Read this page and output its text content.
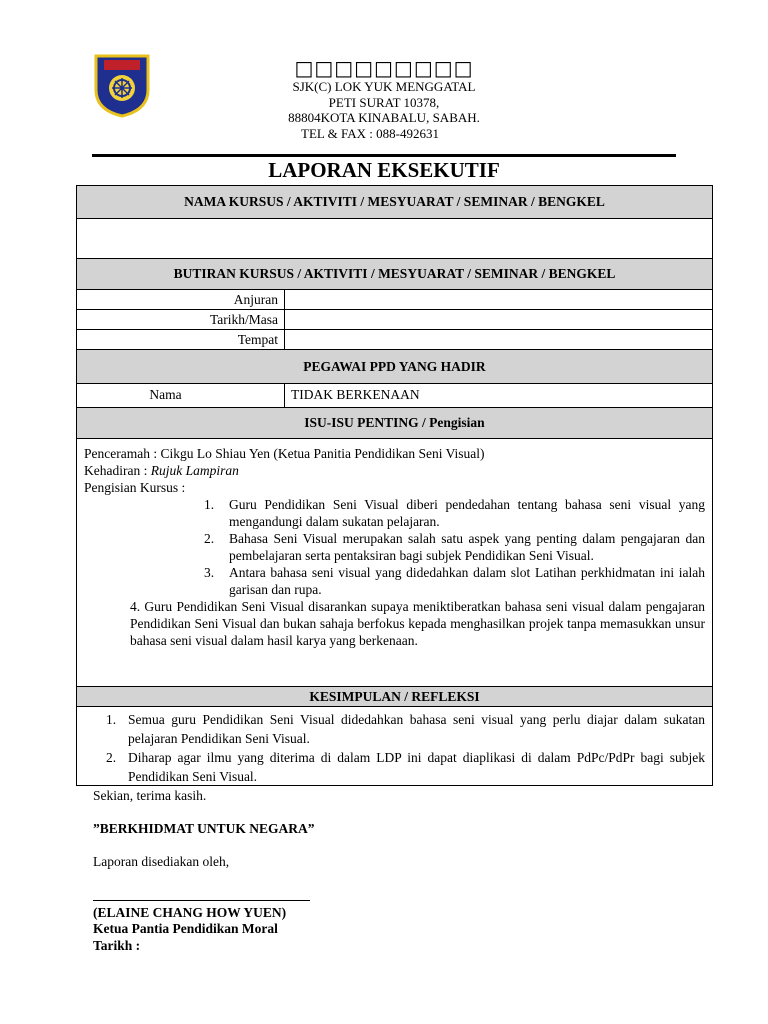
□□□□□□□□□
SJK(C) LOK YUK MENGGATAL
PETI SURAT 10378,
88804KOTA KINABALU, SABAH.
TEL & FAX : 088-492631
LAPORAN EKSEKUTIF
NAMA KURSUS / AKTIVITI / MESYUARAT / SEMINAR / BENGKEL
BUTIRAN KURSUS / AKTIVITI / MESYUARAT / SEMINAR / BENGKEL
Anjuran
Tarikh/Masa
Tempat
PEGAWAI PPD YANG HADIR
Nama	TIDAK BERKENAAN
ISU-ISU PENTING / Pengisian

Penceramah : Cikgu Lo Shiau Yen (Ketua Panitia Pendidikan Seni Visual)

Kehadiran : Rujuk Lampiran

Pengisian Kursus :

1. Guru Pendidikan Seni Visual diberi pendedahan tentang bahasa seni visual yang mengandungi dalam sukatan pelajaran.
2. Bahasa Seni Visual merupakan salah satu aspek yang penting dalam pengajaran dan pembelajaran serta pentaksiran bagi subjek Pendidikan Seni Visual.
3. Antara bahasa seni visual yang didedahkan dalam slot Latihan perkhidmatan ini ialah garisan dan rupa.

4. Guru Pendidikan Seni Visual disarankan supaya meniktiberatkan bahasa seni visual dalam pengajaran Pendidikan Seni Visual dan bukan sahaja berfokus kepada menghasilkan projek tanpa memasukkan unsur bahasa seni visual dalam hasil karya yang berkenaan.

KESIMPULAN / REFLEKSI
1. Semua guru Pendidikan Seni Visual didedahkan bahasa seni visual yang perlu diajar dalam sukatan pelajaran Pendidikan Seni Visual.
2. Diharap agar ilmu yang diterima di dalam LDP ini dapat diaplikasi di dalam PdPc/PdPr bagi subjek Pendidikan Seni Visual.
Sekian, terima kasih.
”BERKHIDMAT UNTUK NEGARA”
Laporan disediakan oleh,
(ELAINE CHANG HOW YUEN)
Ketua Pantia Pendidikan Moral
Tarikh :
